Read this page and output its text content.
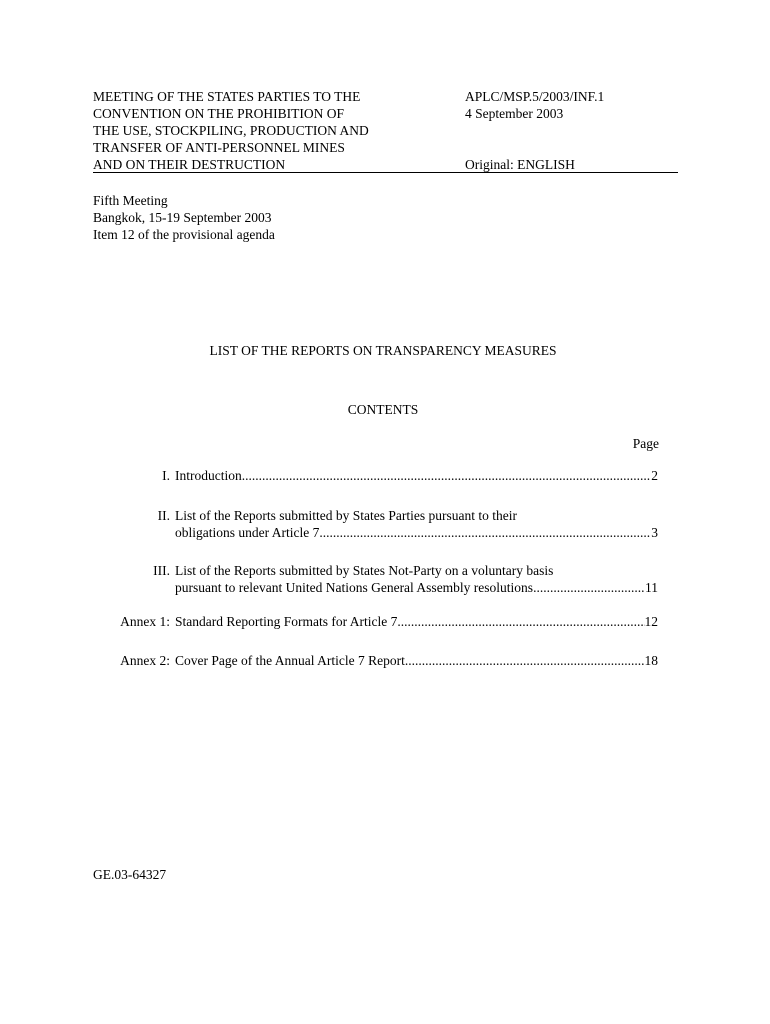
MEETING OF THE STATES PARTIES TO THE
CONVENTION ON THE PROHIBITION OF
THE USE, STOCKPILING, PRODUCTION AND
TRANSFER OF ANTI-PERSONNEL MINES
AND ON THEIR DESTRUCTION
APLC/MSP.5/2003/INF.1
4 September 2003

Original: ENGLISH
Fifth Meeting
Bangkok, 15-19 September 2003
Item 12 of the provisional agenda
LIST OF THE REPORTS ON TRANSPARENCY MEASURES
CONTENTS
Page
I. Introduction .....	2
II. List of the Reports submitted by States Parties pursuant to their
obligations under Article 7 .....	3
III. List of the Reports submitted by States Not-Party on a voluntary basis
pursuant to relevant United Nations General Assembly resolutions .....	11
Annex 1: Standard Reporting Formats for Article 7 .....	12
Annex 2: Cover Page of the Annual Article 7 Report .....	18
GE.03-64327
